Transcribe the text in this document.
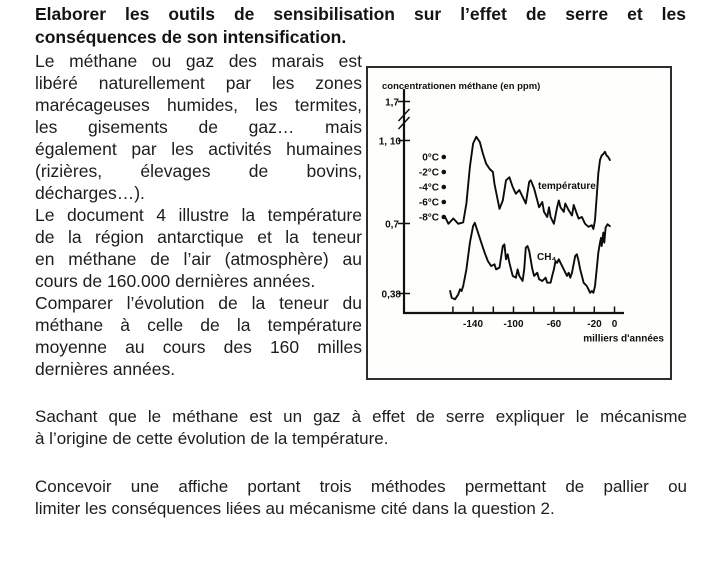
Elaborer les outils de sensibilisation sur l’effet de serre et les
conséquences de son intensification.
Le méthane ou gaz des marais est
libéré naturellement par les zones
marécageuses humides, les termites,
les gisements de gaz… mais
également par les activités humaines
(rizières, élevages de bovins,
décharges…).
Le document 4 illustre la température
de la région antarctique et la teneur
en méthane de l’air (atmosphère) au
cours de 160.000 dernières années.
Comparer l’évolution de la teneur du
méthane à celle de la température
moyenne au cours des 160 milles
dernières années.
concentrationen méthane (en ppm)
1,7
1, 10
0,7
0,38
0°C
-2°C
-4°C
-6°C
-8°C
-140 -100 -60	-20 0
milliers d'années
température
CH₄
Sachant que le méthane est un gaz à effet de serre expliquer le mécanisme
à l’origine de cette évolution de la température.
Concevoir une affiche portant trois méthodes permettant de pallier ou
limiter les conséquences liées au mécanisme cité dans la question 2.
